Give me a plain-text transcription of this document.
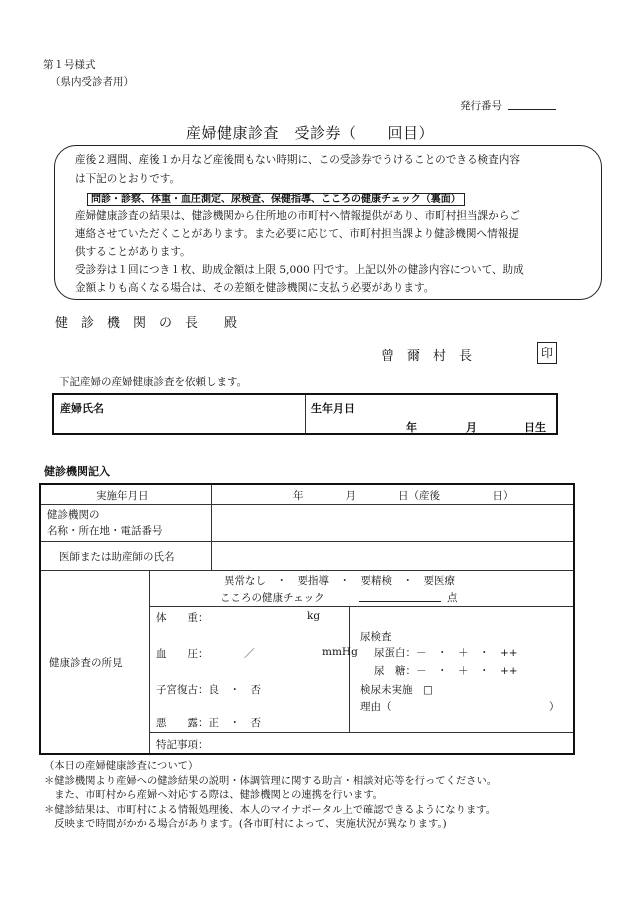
第１号様式
（県内受診者用）
発行番号
産婦健康診査　受診券（　　回目）

産後２週間、産後１か月など産後間もない時期に、この受診券でうけることのできる検査内容

は下記のとおりです。

問診・診察、体重・血圧測定、尿検査、保健指導、こころの健康チェック（裏面）

産婦健康診査の結果は、健診機関から住所地の市町村へ情報提供があり、市町村担当課からご

連絡させていただくことがあります。また必要に応じて、市町村担当課より健診機関へ情報提

供することがあります。

受診券は１回につき１枚、助成金額は上限 5,000 円です。上記以外の健診内容について、助成

金額よりも高くなる場合は、その差額を健診機関に支払う必要があります。

健　診　機　関　の　長　　殿
曾　爾　村　長	印
下記産婦の産婦健康診査を依頼します。
産婦氏名	生年月日
年	月	日生
健診機関記入
実施年月日	年　　　　月　　　　日（産後　　　　　日）
健診機関の
名称・所在地・電話番号
医師または助産師の氏名
健康診査の所見
異常なし　・　要指導　・　要精検　・　要医療
こころの健康チェック	点
体　　重：	kg
血　　圧：	／	mmHg
子宮復古：良　・　否
悪　　露：正　・　否
尿検査
尿蛋白：－　・　＋　・　++
尿　糖：－　・　＋　・　++
検尿未実施　□
理由（　　　　　　　　　　　　　　　）
特記事項：
（本日の産婦健康診査について）
＊健診機関より産婦への健診結果の説明・体調管理に関する助言・相談対応等を行ってください。
　また、市町村から産婦へ対応する際は、健診機関との連携を行います。
＊健診結果は、市町村による情報処理後、本人のマイナポータル上で確認できるようになります。
　反映まで時間がかかる場合があります。(各市町村によって、実施状況が異なります。)
